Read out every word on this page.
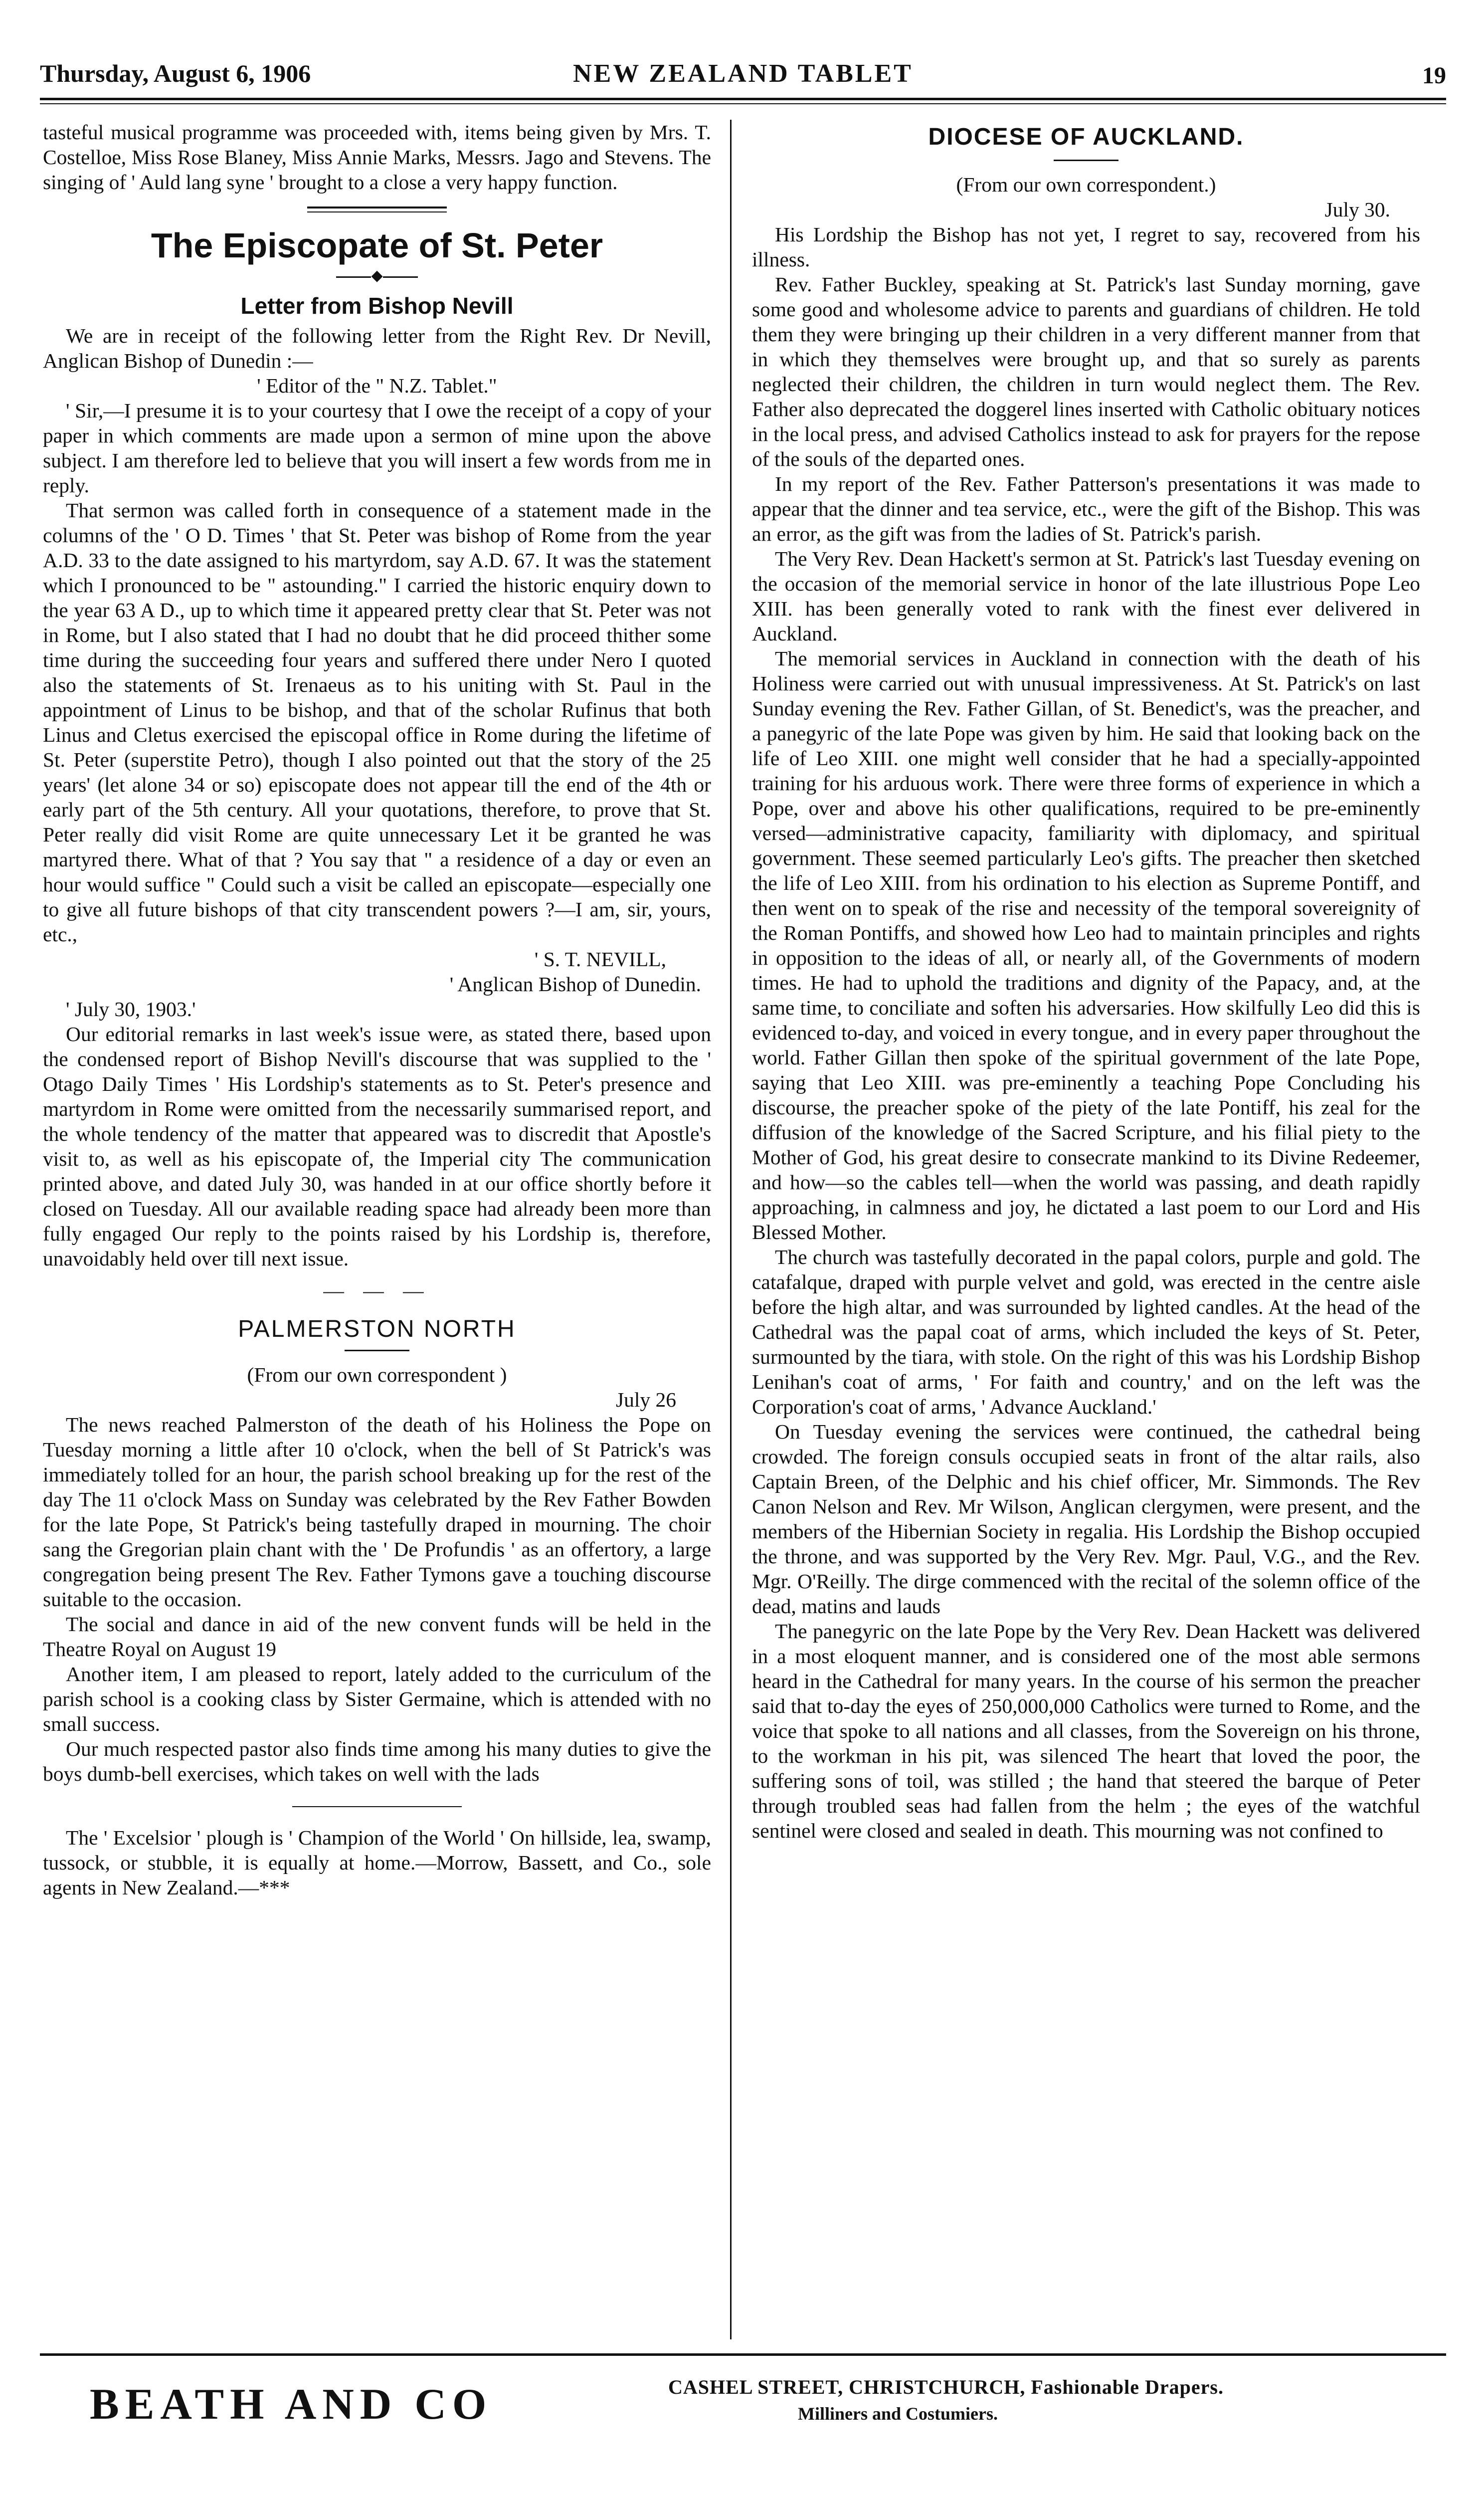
Thursday, August 6, 1906	NEW ZEALAND TABLET	19

tasteful musical programme was proceeded with, items being given by Mrs. T. Costelloe, Miss Rose Blaney, Miss Annie Marks, Messrs. Jago and Stevens. The singing of ' Auld lang syne ' brought to a close a very happy function.

The Episcopate of St. Peter
◆
Letter from Bishop Nevill

We are in receipt of the following letter from the Right Rev. Dr Nevill, Anglican Bishop of Dunedin :—

' Editor of the " N.Z. Tablet."

' Sir,—I presume it is to your courtesy that I owe the receipt of a copy of your paper in which comments are made upon a sermon of mine upon the above subject. I am therefore led to believe that you will insert a few words from me in reply.

That sermon was called forth in consequence of a statement made in the columns of the ' O D. Times ' that St. Peter was bishop of Rome from the year A.D. 33 to the date assigned to his martyrdom, say A.D. 67. It was the statement which I pronounced to be " astounding." I carried the historic enquiry down to the year 63 A D., up to which time it appeared pretty clear that St. Peter was not in Rome, but I also stated that I had no doubt that he did proceed thither some time during the succeeding four years and suffered there under Nero I quoted also the statements of St. Irenaeus as to his uniting with St. Paul in the appointment of Linus to be bishop, and that of the scholar Rufinus that both Linus and Cletus exercised the episcopal office in Rome during the lifetime of St. Peter (superstite Petro), though I also pointed out that the story of the 25 years' (let alone 34 or so) episcopate does not appear till the end of the 4th or early part of the 5th century. All your quotations, therefore, to prove that St. Peter really did visit Rome are quite unnecessary Let it be granted he was martyred there. What of that ? You say that " a residence of a day or even an hour would suffice " Could such a visit be called an episcopate—especially one to give all future bishops of that city transcendent powers ?—I am, sir, yours, etc.,

' S. T. NEVILL,

' Anglican Bishop of Dunedin.

' July 30, 1903.'

Our editorial remarks in last week's issue were, as stated there, based upon the condensed report of Bishop Nevill's discourse that was supplied to the ' Otago Daily Times ' His Lordship's statements as to St. Peter's presence and martyrdom in Rome were omitted from the necessarily summarised report, and the whole tendency of the matter that appeared was to discredit that Apostle's visit to, as well as his episcopate of, the Imperial city The communication printed above, and dated July 30, was handed in at our office shortly before it closed on Tuesday. All our available reading space had already been more than fully engaged Our reply to the points raised by his Lordship is, therefore, unavoidably held over till next issue.

— — —
PALMERSTON NORTH

(From our own correspondent )

July 26

The news reached Palmerston of the death of his Holiness the Pope on Tuesday morning a little after 10 o'clock, when the bell of St Patrick's was immediately tolled for an hour, the parish school breaking up for the rest of the day The 11 o'clock Mass on Sunday was celebrated by the Rev Father Bowden for the late Pope, St Patrick's being tastefully draped in mourning. The choir sang the Gregorian plain chant with the ' De Profundis ' as an offertory, a large congregation being present The Rev. Father Tymons gave a touching discourse suitable to the occasion.

The social and dance in aid of the new convent funds will be held in the Theatre Royal on August 19

Another item, I am pleased to report, lately added to the curriculum of the parish school is a cooking class by Sister Germaine, which is attended with no small success.

Our much respected pastor also finds time among his many duties to give the boys dumb-bell exercises, which takes on well with the lads

The ' Excelsior ' plough is ' Champion of the World ' On hillside, lea, swamp, tussock, or stubble, it is equally at home.—Morrow, Bassett, and Co., sole agents in New Zealand.—***

DIOCESE OF AUCKLAND.

(From our own correspondent.)

July 30.

His Lordship the Bishop has not yet, I regret to say, recovered from his illness.

Rev. Father Buckley, speaking at St. Patrick's last Sunday morning, gave some good and wholesome advice to parents and guardians of children. He told them they were bringing up their children in a very different manner from that in which they themselves were brought up, and that so surely as parents neglected their children, the children in turn would neglect them. The Rev. Father also deprecated the doggerel lines inserted with Catholic obituary notices in the local press, and advised Catholics instead to ask for prayers for the repose of the souls of the departed ones.

In my report of the Rev. Father Patterson's presentations it was made to appear that the dinner and tea service, etc., were the gift of the Bishop. This was an error, as the gift was from the ladies of St. Patrick's parish.

The Very Rev. Dean Hackett's sermon at St. Patrick's last Tuesday evening on the occasion of the memorial service in honor of the late illustrious Pope Leo XIII. has been generally voted to rank with the finest ever delivered in Auckland.

The memorial services in Auckland in connection with the death of his Holiness were carried out with unusual impressiveness. At St. Patrick's on last Sunday evening the Rev. Father Gillan, of St. Benedict's, was the preacher, and a panegyric of the late Pope was given by him. He said that looking back on the life of Leo XIII. one might well consider that he had a specially-appointed training for his arduous work. There were three forms of experience in which a Pope, over and above his other qualifications, required to be pre-eminently versed—administrative capacity, familiarity with diplomacy, and spiritual government. These seemed particularly Leo's gifts. The preacher then sketched the life of Leo XIII. from his ordination to his election as Supreme Pontiff, and then went on to speak of the rise and necessity of the temporal sovereignity of the Roman Pontiffs, and showed how Leo had to maintain principles and rights in opposition to the ideas of all, or nearly all, of the Governments of modern times. He had to uphold the traditions and dignity of the Papacy, and, at the same time, to conciliate and soften his adversaries. How skilfully Leo did this is evidenced to-day, and voiced in every tongue, and in every paper throughout the world. Father Gillan then spoke of the spiritual government of the late Pope, saying that Leo XIII. was pre-eminently a teaching Pope Concluding his discourse, the preacher spoke of the piety of the late Pontiff, his zeal for the diffusion of the knowledge of the Sacred Scripture, and his filial piety to the Mother of God, his great desire to consecrate mankind to its Divine Redeemer, and how—so the cables tell—when the world was passing, and death rapidly approaching, in calmness and joy, he dictated a last poem to our Lord and His Blessed Mother.

The church was tastefully decorated in the papal colors, purple and gold. The catafalque, draped with purple velvet and gold, was erected in the centre aisle before the high altar, and was surrounded by lighted candles. At the head of the Cathedral was the papal coat of arms, which included the keys of St. Peter, surmounted by the tiara, with stole. On the right of this was his Lordship Bishop Lenihan's coat of arms, ' For faith and country,' and on the left was the Corporation's coat of arms, ' Advance Auckland.'

On Tuesday evening the services were continued, the cathedral being crowded. The foreign consuls occupied seats in front of the altar rails, also Captain Breen, of the Delphic and his chief officer, Mr. Simmonds. The Rev Canon Nelson and Rev. Mr Wilson, Anglican clergymen, were present, and the members of the Hibernian Society in regalia. His Lordship the Bishop occupied the throne, and was supported by the Very Rev. Mgr. Paul, V.G., and the Rev. Mgr. O'Reilly. The dirge commenced with the recital of the solemn office of the dead, matins and lauds

The panegyric on the late Pope by the Very Rev. Dean Hackett was delivered in a most eloquent manner, and is considered one of the most able sermons heard in the Cathedral for many years. In the course of his sermon the preacher said that to-day the eyes of 250,000,000 Catholics were turned to Rome, and the voice that spoke to all nations and all classes, from the Sovereign on his throne, to the workman in his pit, was silenced The heart that loved the poor, the suffering sons of toil, was stilled ; the hand that steered the barque of Peter through troubled seas had fallen from the helm ; the eyes of the watchful sentinel were closed and sealed in death. This mourning was not confined to

BEATH AND CO	CASHEL STREET, CHRISTCHURCH, Fashionable Drapers.
Milliners and Costumiers.
